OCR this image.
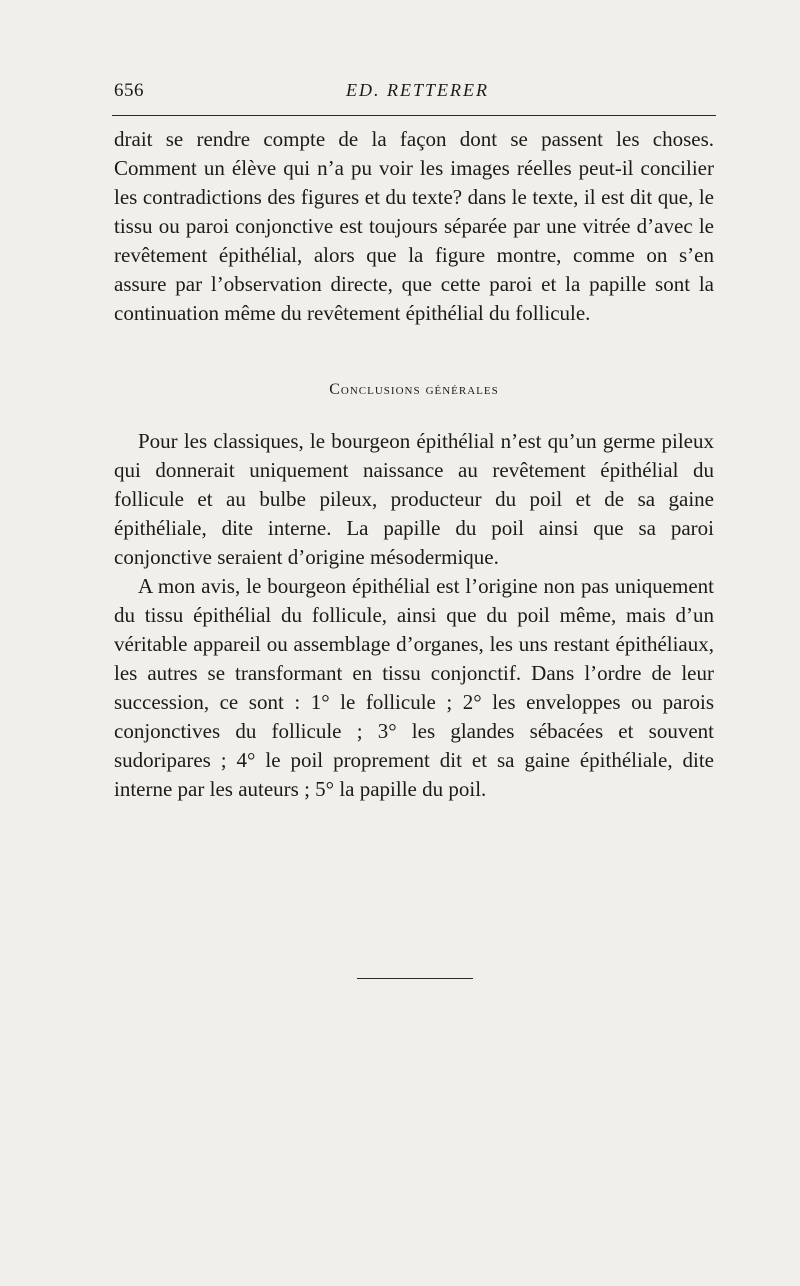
656	ED. RETTERER

drait se rendre compte de la façon dont se passent les choses. Comment un élève qui n’a pu voir les images réelles peut-il concilier les contradictions des figures et du texte? dans le texte, il est dit que, le tissu ou paroi conjonctive est toujours séparée par une vitrée d’avec le revêtement épithélial, alors que la figure montre, comme on s’en assure par l’observation directe, que cette paroi et la papille sont la continuation même du revêtement épithélial du follicule.

Conclusions générales

Pour les classiques, le bourgeon épithélial n’est qu’un germe pileux qui donnerait uniquement naissance au revêtement épithélial du follicule et au bulbe pileux, producteur du poil et de sa gaine épithéliale, dite interne. La papille du poil ainsi que sa paroi conjonctive seraient d’origine mésodermique.

A mon avis, le bourgeon épithélial est l’origine non pas uniquement du tissu épithélial du follicule, ainsi que du poil même, mais d’un véritable appareil ou assemblage d’organes, les uns restant épithéliaux, les autres se transformant en tissu conjonctif. Dans l’ordre de leur succession, ce sont : 1° le follicule ; 2° les enveloppes ou parois conjonctives du follicule ; 3° les glandes sébacées et souvent sudoripares ; 4° le poil proprement dit et sa gaine épithéliale, dite interne par les auteurs ; 5° la papille du poil.
